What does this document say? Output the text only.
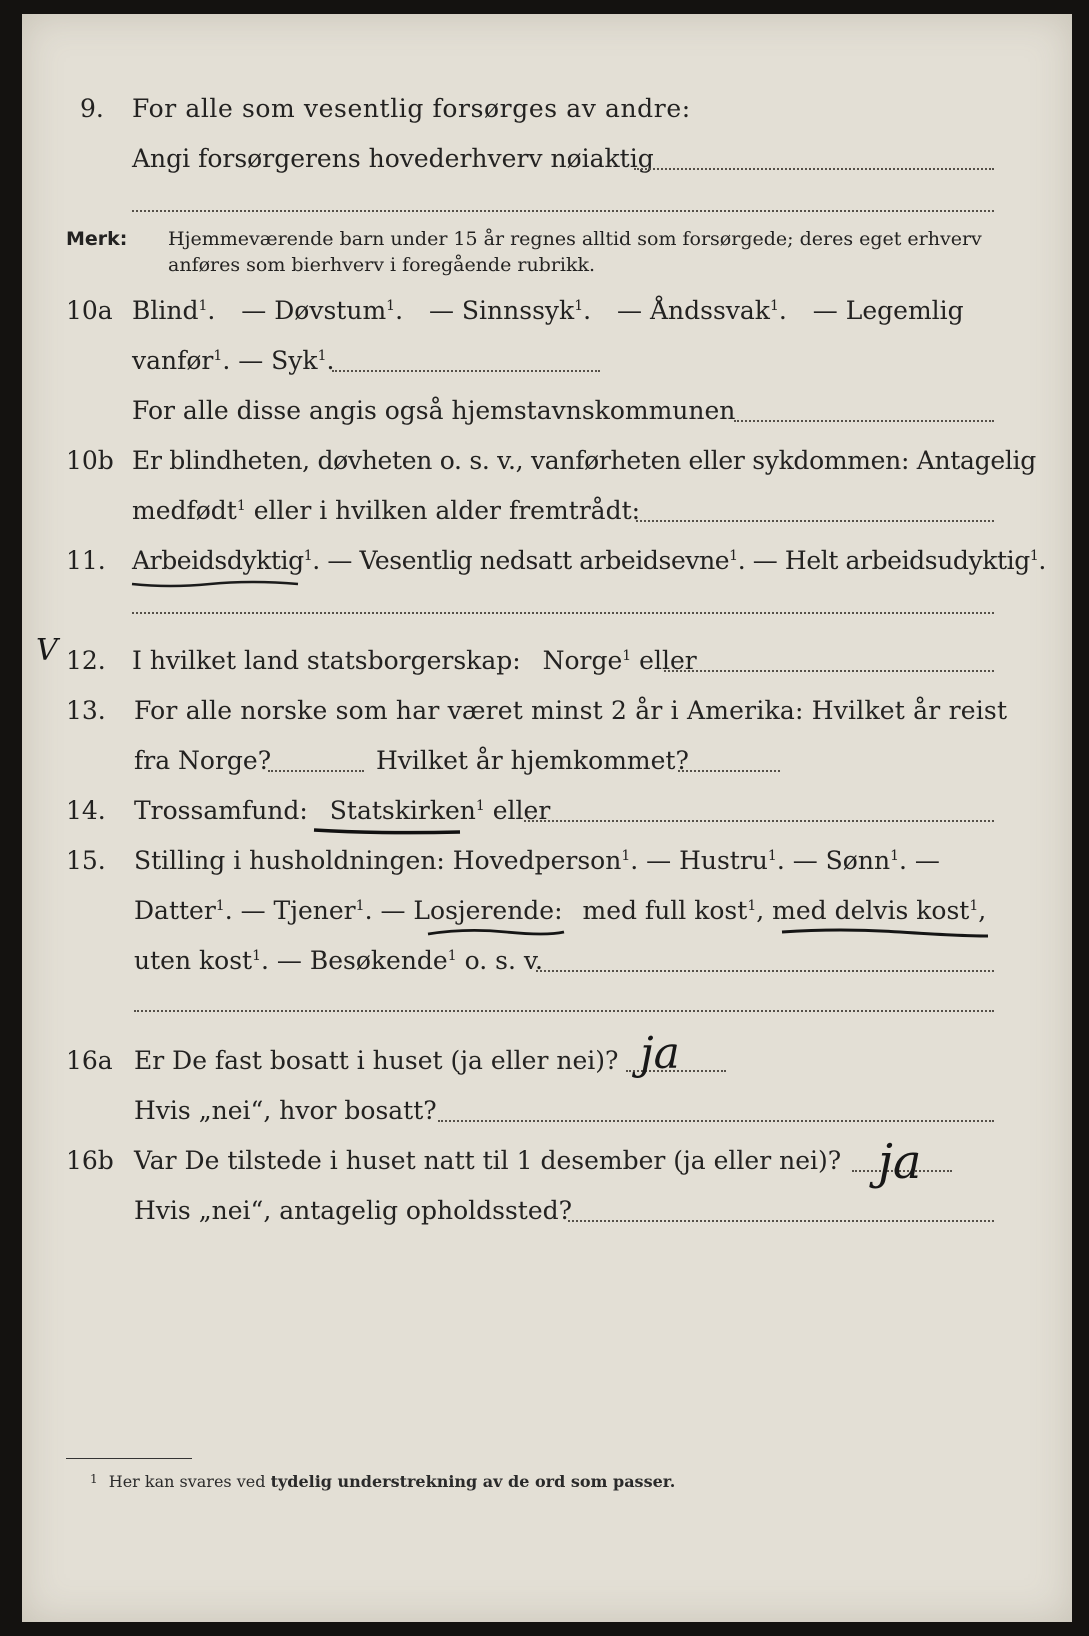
9. For alle som vesentlig forsørges av andre:
Angi forsørgerens hovederhverv nøiaktig
Merk: Hjemmeværende barn under 15 år regnes alltid som forsørgede; deres eget erhverv
anføres som bierhverv i foregående rubrikk.
10a Blind$^1$. — Døvstum$^1$. — Sinnssyk$^1$. — Åndssvak$^1$. — Legemlig
vanfør$^1$. — Syk$^1$.
For alle disse angis også hjemstavnskommunen
10b Er blindheten, døvheten o. s. v., vanførheten eller sykdommen: Antagelig
medfødt$^1$ eller i hvilken alder fremtrådt:
11. Arbeidsdyktig$^1$. — Vesentlig nedsatt arbeidsevne$^1$. — Helt arbeidsudyktig$^1$.
V 12. I hvilket land statsborgerskap: Norge$^1$ eller
13. For alle norske som har været minst 2 år i Amerika: Hvilket år reist
fra Norge?	Hvilket år hjemkommet?
14. Trossamfund: Statskirken$^1$ eller
15. Stilling i husholdningen: Hovedperson$^1$. — Hustru$^1$. — Sønn$^1$. —
Datter$^1$. — Tjener$^1$. — Losjerende: med full kost$^1$, med delvis kost$^1$,
uten kost$^1$. — Besøkende$^1$ o. s. v.
16a Er De fast bosatt i huset (ja eller nei)? ja
Hvis „nei“, hvor bosatt?
16b Var De tilstede i huset natt til 1 desember (ja eller nei)? ja
Hvis „nei“, antagelig opholdssted?
$^1$ Her kan svares ved tydelig understrekning av de ord som passer.
